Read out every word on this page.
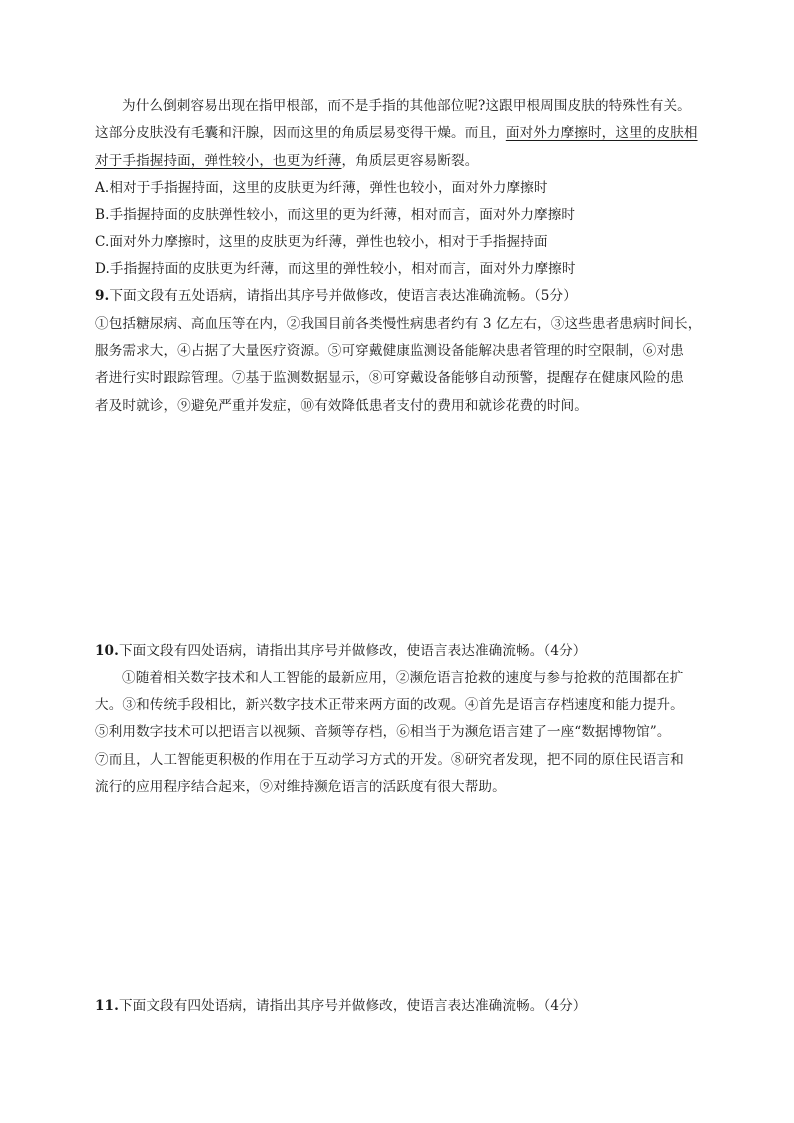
为什么倒刺容易出现在指甲根部，而不是手指的其他部位呢?这跟甲根周围皮肤的特殊性有关。
这部分皮肤没有毛囊和汗腺，因而这里的角质层易变得干燥。而且，面对外力摩擦时，这里的皮肤相
对于手指握持面，弹性较小，也更为纤薄，角质层更容易断裂。
A.相对于手指握持面，这里的皮肤更为纤薄，弹性也较小，面对外力摩擦时
B.手指握持面的皮肤弹性较小，而这里的更为纤薄，相对而言，面对外力摩擦时
C.面对外力摩擦时，这里的皮肤更为纤薄，弹性也较小，相对于手指握持面
D.手指握持面的皮肤更为纤薄，而这里的弹性较小，相对而言，面对外力摩擦时
9.下面文段有五处语病，请指出其序号并做修改，使语言表达准确流畅。（5分）
①包括糖尿病、高血压等在内，②我国目前各类慢性病患者约有 3 亿左右，③这些患者患病时间长，
服务需求大，④占据了大量医疗资源。⑤可穿戴健康监测设备能解决患者管理的时空限制，⑥对患
者进行实时跟踪管理。⑦基于监测数据显示，⑧可穿戴设备能够自动预警，提醒存在健康风险的患
者及时就诊，⑨避免严重并发症，⑩有效降低患者支付的费用和就诊花费的时间。
10.下面文段有四处语病，请指出其序号并做修改，使语言表达准确流畅。（4分）
①随着相关数字技术和人工智能的最新应用，②濒危语言抢救的速度与参与抢救的范围都在扩
大。③和传统手段相比，新兴数字技术正带来两方面的改观。④首先是语言存档速度和能力提升。
⑤利用数字技术可以把语言以视频、音频等存档，⑥相当于为濒危语言建了一座“数据博物馆”。
⑦而且，人工智能更积极的作用在于互动学习方式的开发。⑧研究者发现，把不同的原住民语言和
流行的应用程序结合起来，⑨对维持濒危语言的活跃度有很大帮助。
11.下面文段有四处语病，请指出其序号并做修改，使语言表达准确流畅。（4分）
